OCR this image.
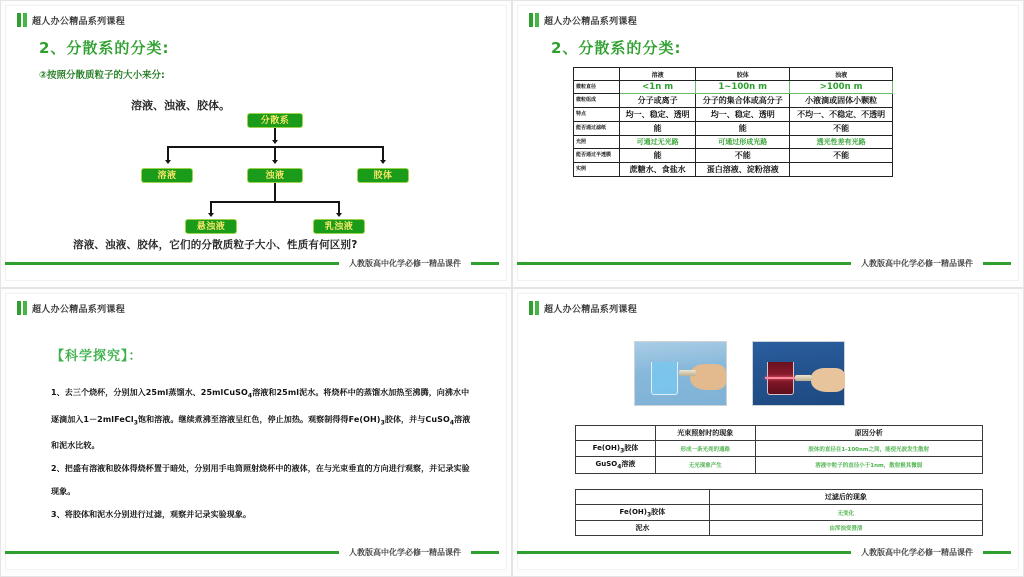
超人办公精品系列课程
2、分散系的分类:
②按照分散质粒子的大小来分:
溶液、浊液、胶体。
分散系
溶液	浊液	胶体
悬浊液	乳浊液
溶液、浊液、胶体，它们的分散质粒子大小、性质有何区别?
人教版高中化学必修一精品课件
超人办公精品系列课程
2、分散系的分类:
	溶液	胶体	浊液
微粒直径	<1n m	1~100n m	>100n m
微粒组成	分子或离子	分子的集合体或高分子	小液滴或固体小颗粒
特点	均一、稳定、透明	均一、稳定、透明	不均一、不稳定、不透明
能否通过滤纸	能	能	不能
光照	可通过无光路	可通过形成光路	透光性差有光路
能否通过半透膜	能	不能	不能
实例	蔗糖水、食盐水	蛋白溶液、淀粉溶液	
人教版高中化学必修一精品课件
超人办公精品系列课程
【科学探究】：
1、去三个烧杯，分别加入25ml蒸馏水、25mlCuSO$_4$溶液和25ml泥水。将烧杯中的蒸馏水加热至沸腾，向沸水中逐滴加入1－2mlFeCl$_3$饱和溶液。继续煮沸至溶液呈红色，停止加热。观察制得得$Fe(OH)_3$胶体，并与CuSO$_4$溶液和泥水比较。
2、把盛有溶液和胶体得烧杯置于暗处，分别用手电筒照射烧杯中的液体，在与光束垂直的方向进行观察，并记录实验现象。
3、将胶体和泥水分别进行过滤，观察并记录实验现象。
人教版高中化学必修一精品课件
超人办公精品系列课程
	光束照射时的现象	原因分析
$Fe(OH)_3$胶体	形成一条光亮的通路	胶体的直径在1-100nm之间，能使光波发生散射
GuSO$_4$溶液	无光现象产生	溶液中粒子的直径小于1nm，散射极其微弱
	过滤后的现象
$Fe(OH)_3$胶体	无变化
泥水	由浑浊变澄清
人教版高中化学必修一精品课件
